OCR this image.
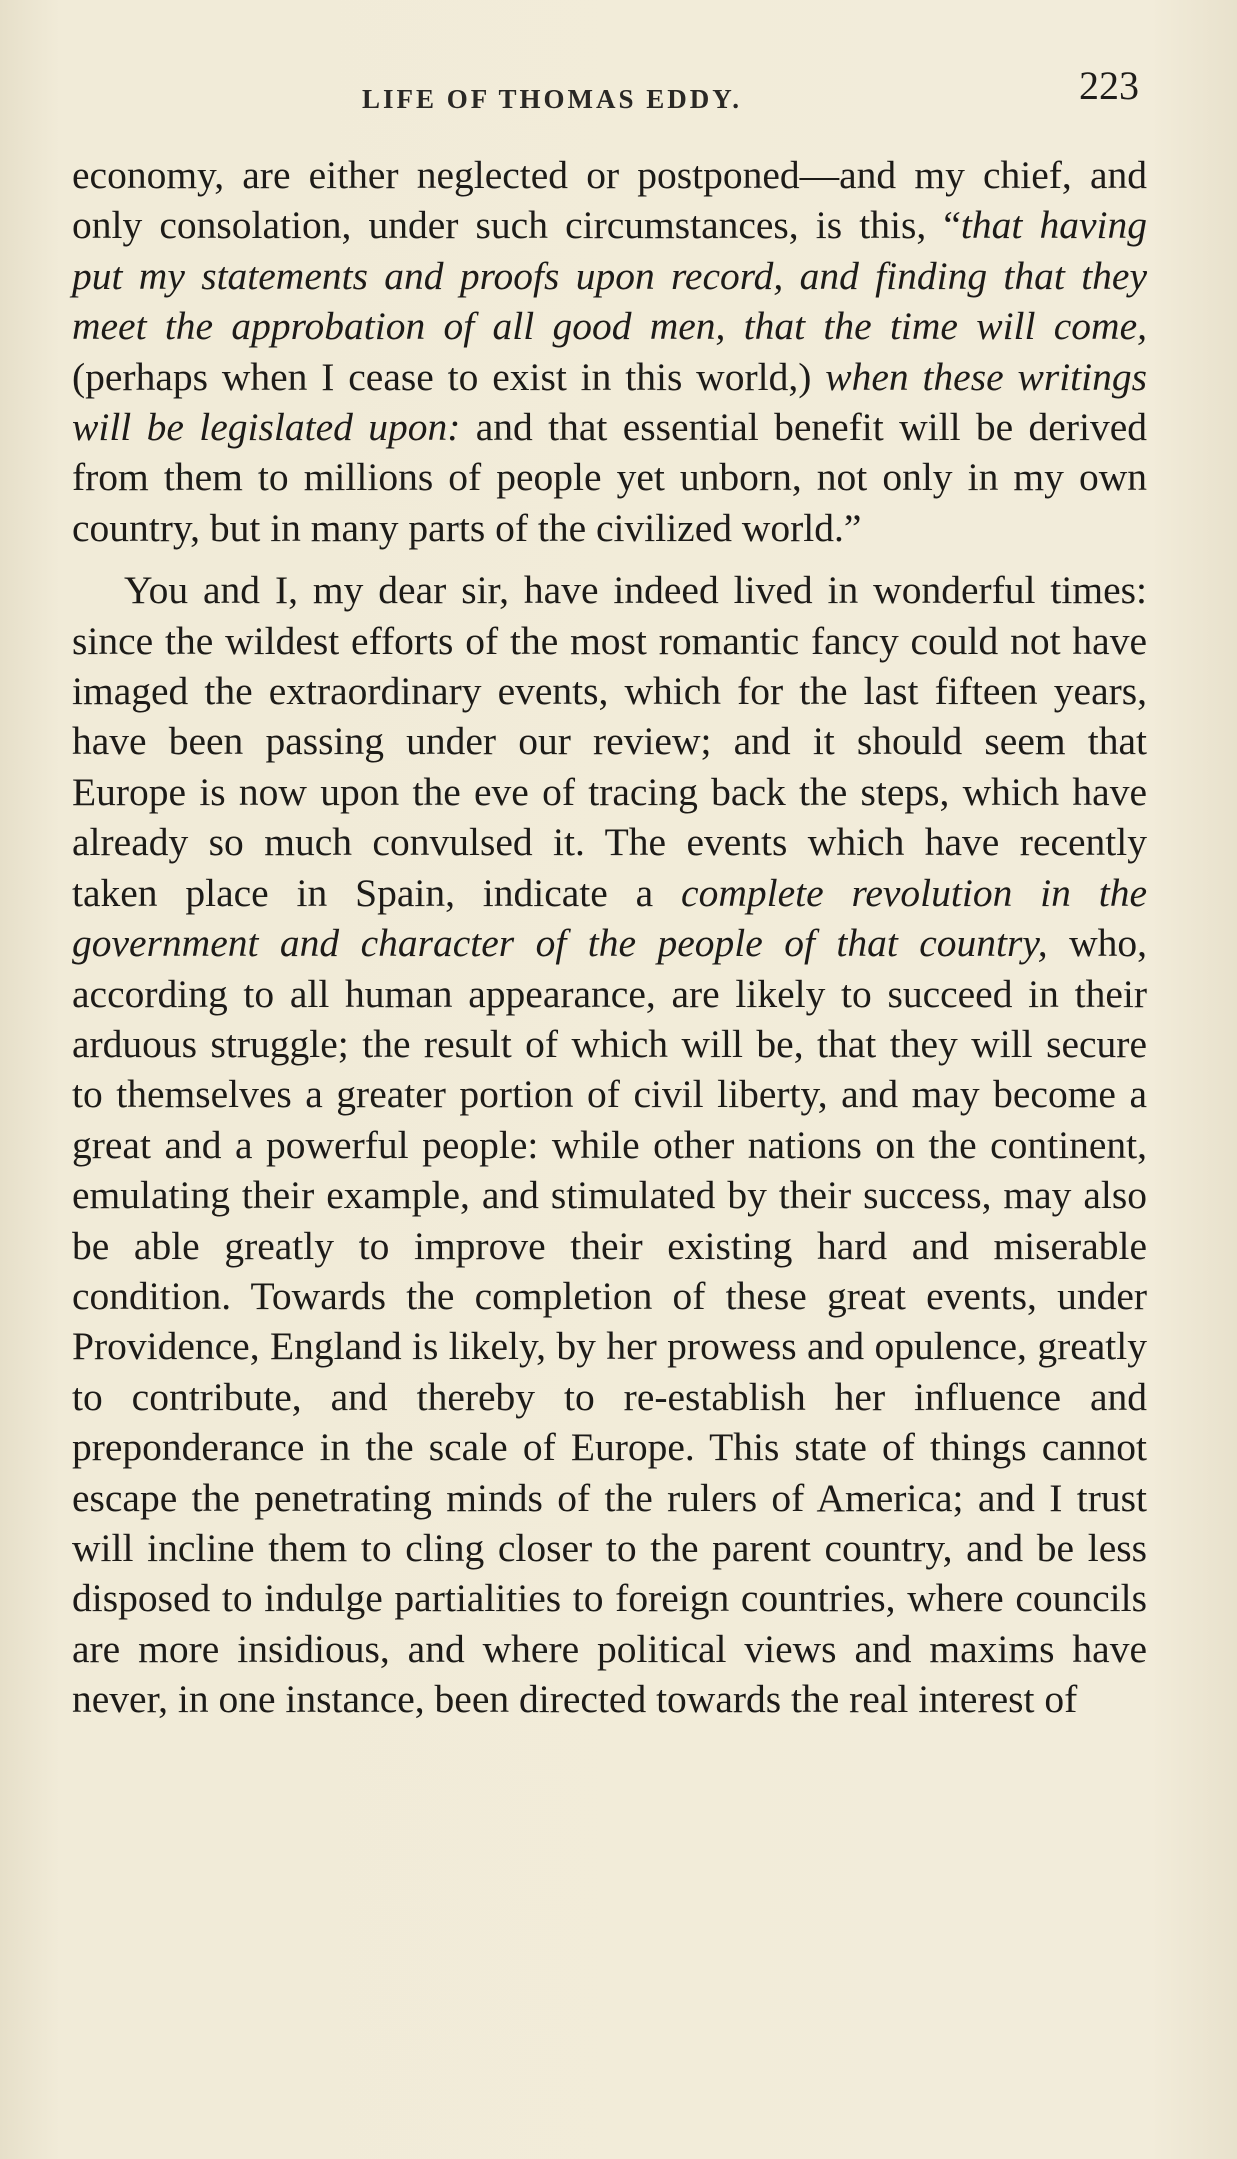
LIFE OF THOMAS EDDY.	223

economy, are either neglected or postponed—and my chief, and only consolation, under such circumstances, is this, “that having put my statements and proofs upon record, and finding that they meet the approbation of all good men, that the time will come, (perhaps when I cease to exist in this world,) when these writings will be legislated upon: and that essential benefit will be derived from them to millions of people yet unborn, not only in my own country, but in many parts of the civilized world.”

You and I, my dear sir, have indeed lived in wonderful times: since the wildest efforts of the most romantic fancy could not have imaged the extraordinary events, which for the last fifteen years, have been passing under our review; and it should seem that Europe is now upon the eve of tracing back the steps, which have already so much convulsed it. The events which have recently taken place in Spain, indicate a complete revolution in the government and character of the people of that country, who, according to all human appearance, are likely to succeed in their arduous struggle; the result of which will be, that they will secure to themselves a greater portion of civil liberty, and may become a great and a powerful people: while other nations on the continent, emulating their example, and stimulated by their success, may also be able greatly to improve their existing hard and miserable condition. Towards the completion of these great events, under Providence, England is likely, by her prowess and opulence, greatly to contribute, and thereby to re-establish her influence and preponderance in the scale of Europe. This state of things cannot escape the penetrating minds of the rulers of America; and I trust will incline them to cling closer to the parent country, and be less disposed to indulge partialities to foreign countries, where councils are more insidious, and where political views and maxims have never, in one instance, been directed towards the real interest of
